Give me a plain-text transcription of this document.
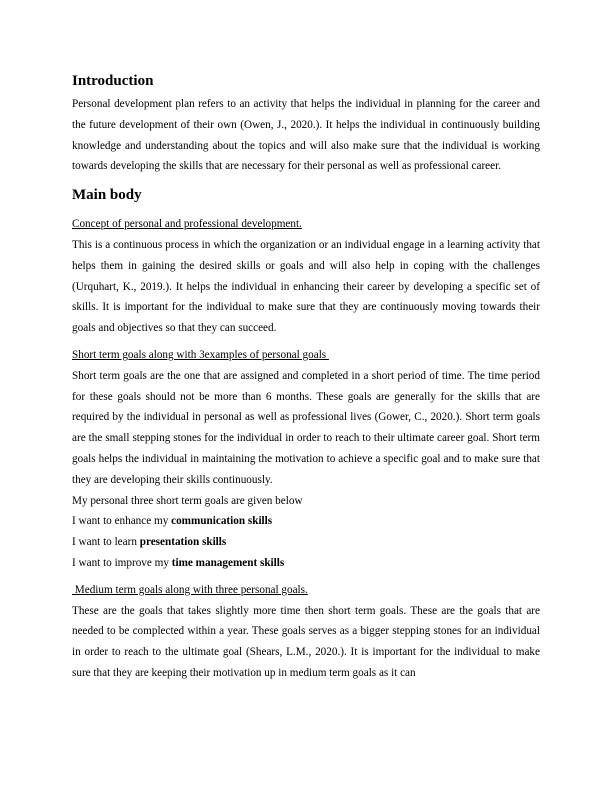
Introduction

Personal development plan refers to an activity that helps the individual in planning for the career and the future development of their own (Owen, J., 2020.). It helps the individual in continuously building knowledge and understanding about the topics and will also make sure that the individual is working towards developing the skills that are necessary for their personal as well as professional career.

Main body
Concept of personal and professional development.

This is a continuous process in which the organization or an individual engage in a learning activity that helps them in gaining the desired skills or goals and will also help in coping with the challenges (Urquhart, K., 2019.). It helps the individual in enhancing their career by developing a specific set of skills. It is important for the individual to make sure that they are continuously moving towards their goals and objectives so that they can succeed.

Short term goals along with 3examples of personal goals

Short term goals are the one that are assigned and completed in a short period of time. The time period for these goals should not be more than 6 months. These goals are generally for the skills that are required by the individual in personal as well as professional lives (Gower, C., 2020.). Short term goals are the small stepping stones for the individual in order to reach to their ultimate career goal. Short term goals helps the individual in maintaining the motivation to achieve a specific goal and to make sure that they are developing their skills continuously.

My personal three short term goals are given below
I want to enhance my communication skills
I want to learn presentation skills
I want to improve my time management skills
Medium term goals along with three personal goals.

These are the goals that takes slightly more time then short term goals. These are the goals that are needed to be complected within a year. These goals serves as a bigger stepping stones for an individual in order to reach to the ultimate goal (Shears, L.M., 2020.). It is important for the individual to make sure that they are keeping their motivation up in medium term goals as it can
